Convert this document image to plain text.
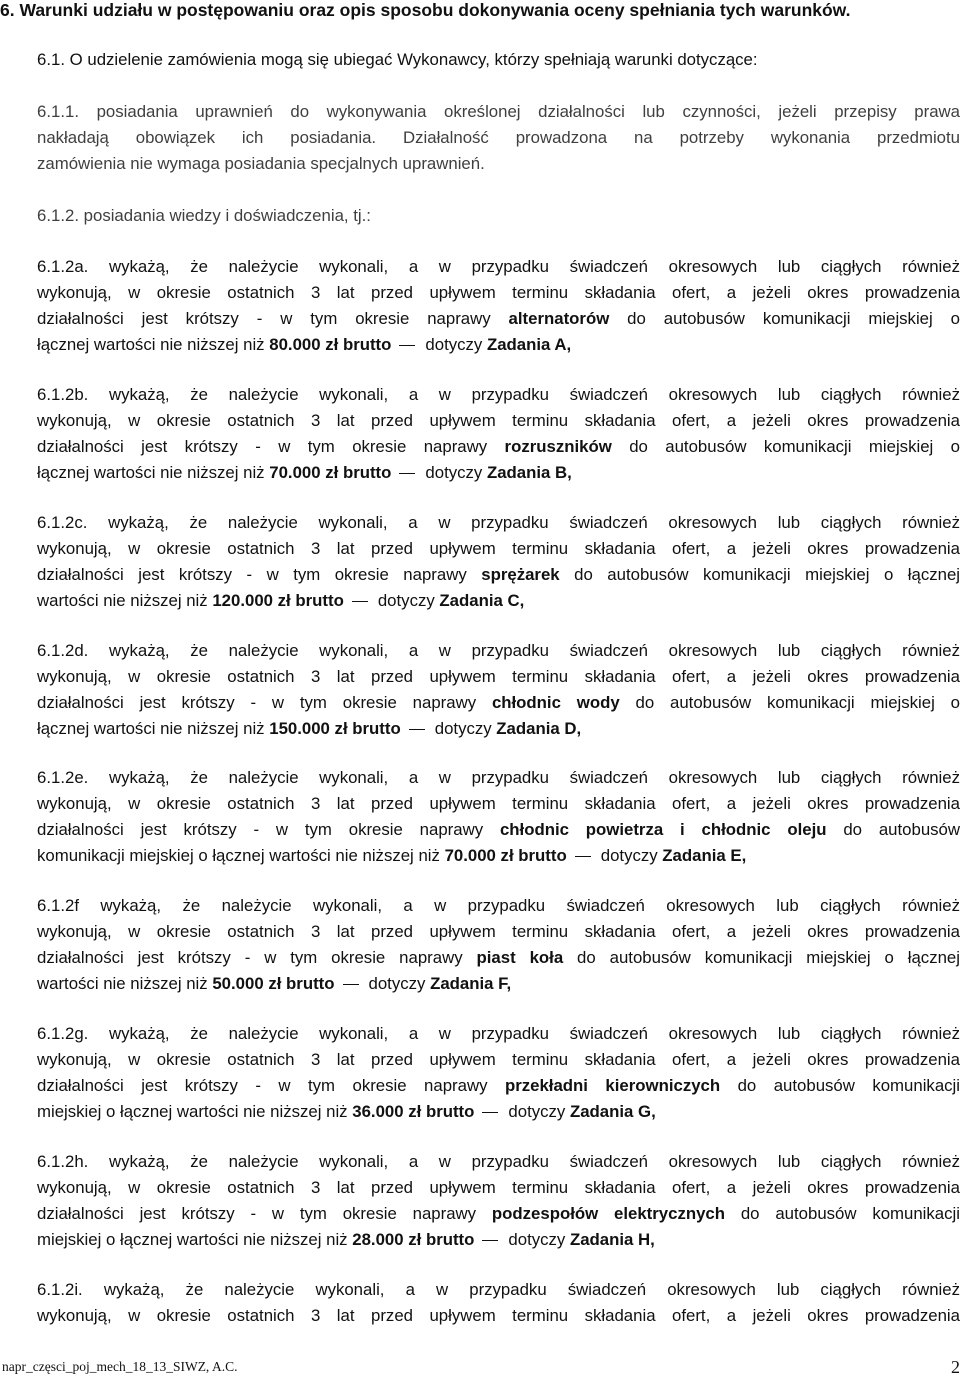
6. Warunki udziału w postępowaniu oraz opis sposobu dokonywania oceny spełniania tych warunków.
6.1. O udzielenie zamówienia mogą się ubiegać Wykonawcy, którzy spełniają warunki dotyczące:
6.1.1. posiadania uprawnień do wykonywania określonej działalności lub czynności, jeżeli przepisy prawa
nakładają obowiązek ich posiadania. Działalność prowadzona na potrzeby wykonania przedmiotu
zamówienia nie wymaga posiadania specjalnych uprawnień.
6.1.2. posiadania wiedzy i doświadczenia, tj.:
6.1.2a. wykażą, że należycie wykonali, a w przypadku świadczeń okresowych lub ciągłych również
wykonują, w okresie ostatnich 3 lat przed upływem terminu składania ofert, a jeżeli okres prowadzenia
działalności jest krótszy - w tym okresie naprawy alternatorów do autobusów komunikacji miejskiej o
łącznej wartości nie niższej niż 80.000 zł brutto dotyczy Zadania A,
6.1.2b. wykażą, że należycie wykonali, a w przypadku świadczeń okresowych lub ciągłych również
wykonują, w okresie ostatnich 3 lat przed upływem terminu składania ofert, a jeżeli okres prowadzenia
działalności jest krótszy - w tym okresie naprawy rozruszników do autobusów komunikacji miejskiej o
łącznej wartości nie niższej niż 70.000 zł brutto dotyczy Zadania B,
6.1.2c. wykażą, że należycie wykonali, a w przypadku świadczeń okresowych lub ciągłych również
wykonują, w okresie ostatnich 3 lat przed upływem terminu składania ofert, a jeżeli okres prowadzenia
działalności jest krótszy - w tym okresie naprawy sprężarek do autobusów komunikacji miejskiej o łącznej
wartości nie niższej niż 120.000 zł brutto dotyczy Zadania C,
6.1.2d. wykażą, że należycie wykonali, a w przypadku świadczeń okresowych lub ciągłych również
wykonują, w okresie ostatnich 3 lat przed upływem terminu składania ofert, a jeżeli okres prowadzenia
działalności jest krótszy - w tym okresie naprawy chłodnic wody do autobusów komunikacji miejskiej o
łącznej wartości nie niższej niż 150.000 zł brutto dotyczy Zadania D,
6.1.2e. wykażą, że należycie wykonali, a w przypadku świadczeń okresowych lub ciągłych również
wykonują, w okresie ostatnich 3 lat przed upływem terminu składania ofert, a jeżeli okres prowadzenia
działalności jest krótszy - w tym okresie naprawy chłodnic powietrza i chłodnic oleju do autobusów
komunikacji miejskiej o łącznej wartości nie niższej niż 70.000 zł brutto dotyczy Zadania E,
6.1.2f wykażą, że należycie wykonali, a w przypadku świadczeń okresowych lub ciągłych również
wykonują, w okresie ostatnich 3 lat przed upływem terminu składania ofert, a jeżeli okres prowadzenia
działalności jest krótszy - w tym okresie naprawy piast koła do autobusów komunikacji miejskiej o łącznej
wartości nie niższej niż 50.000 zł brutto dotyczy Zadania F,
6.1.2g. wykażą, że należycie wykonali, a w przypadku świadczeń okresowych lub ciągłych również
wykonują, w okresie ostatnich 3 lat przed upływem terminu składania ofert, a jeżeli okres prowadzenia
działalności jest krótszy - w tym okresie naprawy przekładni kierowniczych do autobusów komunikacji
miejskiej o łącznej wartości nie niższej niż 36.000 zł brutto dotyczy Zadania G,
6.1.2h. wykażą, że należycie wykonali, a w przypadku świadczeń okresowych lub ciągłych również
wykonują, w okresie ostatnich 3 lat przed upływem terminu składania ofert, a jeżeli okres prowadzenia
działalności jest krótszy - w tym okresie naprawy podzespołów elektrycznych do autobusów komunikacji
miejskiej o łącznej wartości nie niższej niż 28.000 zł brutto dotyczy Zadania H,
6.1.2i. wykażą, że należycie wykonali, a w przypadku świadczeń okresowych lub ciągłych również
wykonują, w okresie ostatnich 3 lat przed upływem terminu składania ofert, a jeżeli okres prowadzenia
napr_częsci_poj_mech_18_13_SIWZ, A.C.	2
